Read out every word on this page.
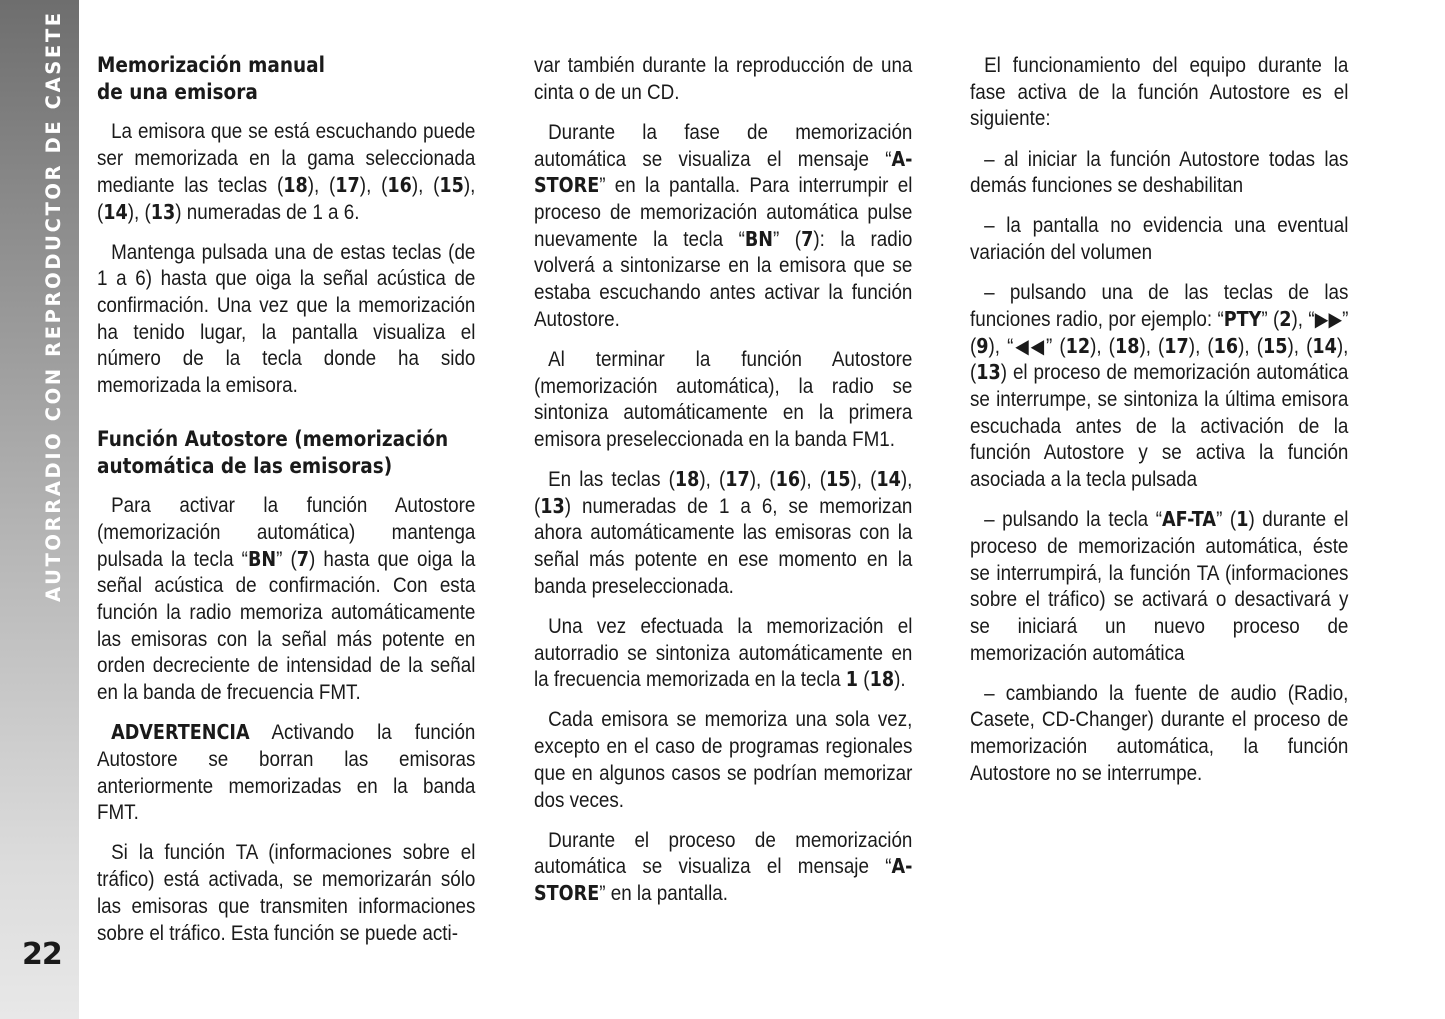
AUTORRADIO CON REPRODUCTOR DE CASETE
22
Memorización manual
de una emisora

La emisora que se está escuchando puede ser memorizada en la gama seleccionada mediante las teclas (18), (17), (16), (15), (14), (13) numeradas de 1 a 6.

Mantenga pulsada una de estas teclas (de 1 a 6) hasta que oiga la señal acústica de confirmación. Una vez que la memorización ha tenido lugar, la pantalla visualiza el número de la tecla donde ha sido memorizada la emisora.

Función Autostore (memorización
automática de las emisoras)

Para activar la función Autostore (memorización automática) mantenga pulsada la tecla “BN” (7) hasta que oiga la señal acústica de confirmación. Con esta función la radio memoriza automáticamente las emisoras con la señal más potente en orden decreciente de intensidad de la señal en la banda de frecuencia FMT.

ADVERTENCIA Activando la función Autostore se borran las emisoras anteriormente memorizadas en la banda FMT.

Si la función TA (informaciones sobre el tráfico) está activada, se memorizarán sólo las emisoras que transmiten informaciones sobre el tráfico. Esta función se puede acti-

var también durante la reproducción de una cinta o de un CD.

Durante la fase de memorización automática se visualiza el mensaje “A-STORE” en la pantalla. Para interrumpir el proceso de memorización automática pulse nuevamente la tecla “BN” (7): la radio volverá a sintonizarse en la emisora que se estaba escuchando antes activar la función Autostore.

Al terminar la función Autostore (memorización automática), la radio se sintoniza automáticamente en la primera emisora preseleccionada en la banda FM1.

En las teclas (18), (17), (16), (15), (14), (13) numeradas de 1 a 6, se memorizan ahora automáticamente las emisoras con la señal más potente en ese momento en la banda preseleccionada.

Una vez efectuada la memorización el autorradio se sintoniza automáticamente en la frecuencia memorizada en la tecla 1 (18).

Cada emisora se memoriza una sola vez, excepto en el caso de programas regionales que en algunos casos se podrían memorizar dos veces.

Durante el proceso de memorización automática se visualiza el mensaje “A-STORE” en la pantalla.

El funcionamiento del equipo durante la fase activa de la función Autostore es el siguiente:

– al iniciar la función Autostore todas las demás funciones se deshabilitan

– la pantalla no evidencia una eventual variación del volumen

– pulsando una de las teclas de las funciones radio, por ejemplo: “PTY” (2), “▶▶” (9), “◀◀” (12), (18), (17), (16), (15), (14), (13) el proceso de memorización automática se interrumpe, se sintoniza la última emisora escuchada antes de la activación de la función Autostore y se activa la función asociada a la tecla pulsada

– pulsando la tecla “AF-TA” (1) durante el proceso de memorización automática, éste se interrumpirá, la función TA (informaciones sobre el tráfico) se activará o desactivará y se iniciará un nuevo proceso de memorización automática

– cambiando la fuente de audio (Radio, Casete, CD-Changer) durante el proceso de memorización automática, la función Autostore no se interrumpe.
